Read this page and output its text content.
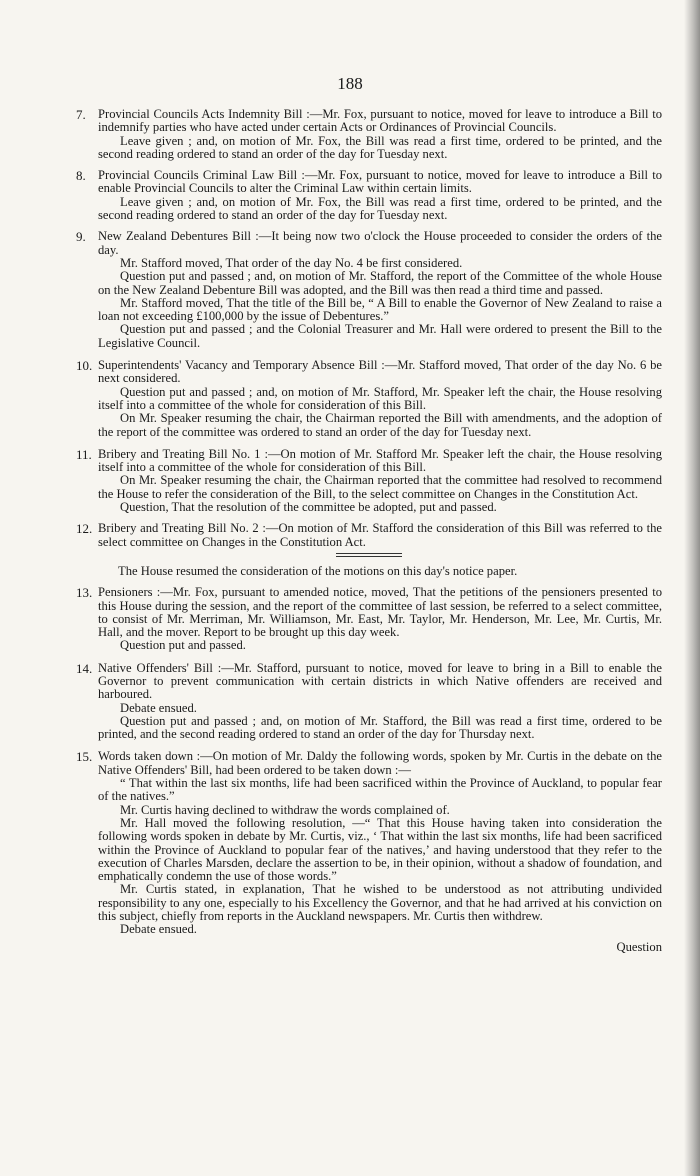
188
7. Provincial Councils Acts Indemnity Bill :—Mr. Fox, pursuant to notice, moved for leave to introduce a Bill to indemnify parties who have acted under certain Acts or Ordinances of Provincial Councils.

Leave given ; and, on motion of Mr. Fox, the Bill was read a first time, ordered to be printed, and the second reading ordered to stand an order of the day for Tuesday next.

8. Provincial Councils Criminal Law Bill :—Mr. Fox, pursuant to notice, moved for leave to introduce a Bill to enable Provincial Councils to alter the Criminal Law within certain limits.

Leave given ; and, on motion of Mr. Fox, the Bill was read a first time, ordered to be printed, and the second reading ordered to stand an order of the day for Tuesday next.

9. New Zealand Debentures Bill :—It being now two o'clock the House proceeded to consider the orders of the day.

Mr. Stafford moved, That order of the day No. 4 be first considered.

Question put and passed ; and, on motion of Mr. Stafford, the report of the Committee of the whole House on the New Zealand Debenture Bill was adopted, and the Bill was then read a third time and passed.

Mr. Stafford moved, That the title of the Bill be, “ A Bill to enable the Governor of New Zealand to raise a loan not exceeding £100,000 by the issue of Debentures.”

Question put and passed ; and the Colonial Treasurer and Mr. Hall were ordered to present the Bill to the Legislative Council.

10. Superintendents' Vacancy and Temporary Absence Bill :—Mr. Stafford moved, That order of the day No. 6 be next considered.

Question put and passed ; and, on motion of Mr. Stafford, Mr. Speaker left the chair, the House resolving itself into a committee of the whole for consideration of this Bill.

On Mr. Speaker resuming the chair, the Chairman reported the Bill with amendments, and the adoption of the report of the committee was ordered to stand an order of the day for Tuesday next.

11. Bribery and Treating Bill No. 1 :—On motion of Mr. Stafford Mr. Speaker left the chair, the House resolving itself into a committee of the whole for consideration of this Bill.

On Mr. Speaker resuming the chair, the Chairman reported that the committee had resolved to recommend the House to refer the consideration of the Bill, to the select committee on Changes in the Constitution Act.

Question, That the resolution of the committee be adopted, put and passed.

12. Bribery and Treating Bill No. 2 :—On motion of Mr. Stafford the consideration of this Bill was referred to the select committee on Changes in the Constitution Act.

The House resumed the consideration of the motions on this day's notice paper.

13. Pensioners :—Mr. Fox, pursuant to amended notice, moved, That the petitions of the pensioners presented to this House during the session, and the report of the committee of last session, be referred to a select committee, to consist of Mr. Merriman, Mr. Williamson, Mr. East, Mr. Taylor, Mr. Henderson, Mr. Lee, Mr. Curtis, Mr. Hall, and the mover. Report to be brought up this day week.

Question put and passed.

14. Native Offenders' Bill :—Mr. Stafford, pursuant to notice, moved for leave to bring in a Bill to enable the Governor to prevent communication with certain districts in which Native offenders are received and harboured.

Debate ensued.

Question put and passed ; and, on motion of Mr. Stafford, the Bill was read a first time, ordered to be printed, and the second reading ordered to stand an order of the day for Thursday next.

15. Words taken down :—On motion of Mr. Daldy the following words, spoken by Mr. Curtis in the debate on the Native Offenders' Bill, had been ordered to be taken down :—

“ That within the last six months, life had been sacrificed within the Province of Auckland, to popular fear of the natives.”

Mr. Curtis having declined to withdraw the words complained of.

Mr. Hall moved the following resolution, —“ That this House having taken into consideration the following words spoken in debate by Mr. Curtis, viz., ‘ That within the last six months, life had been sacrificed within the Province of Auckland to popular fear of the natives,’ and having understood that they refer to the execution of Charles Marsden, declare the assertion to be, in their opinion, without a shadow of foundation, and emphatically condemn the use of those words.”

Mr. Curtis stated, in explanation, That he wished to be understood as not attributing undivided responsibility to any one, especially to his Excellency the Governor, and that he had arrived at his conviction on this subject, chiefly from reports in the Auckland newspapers. Mr. Curtis then withdrew.

Debate ensued.

Question
